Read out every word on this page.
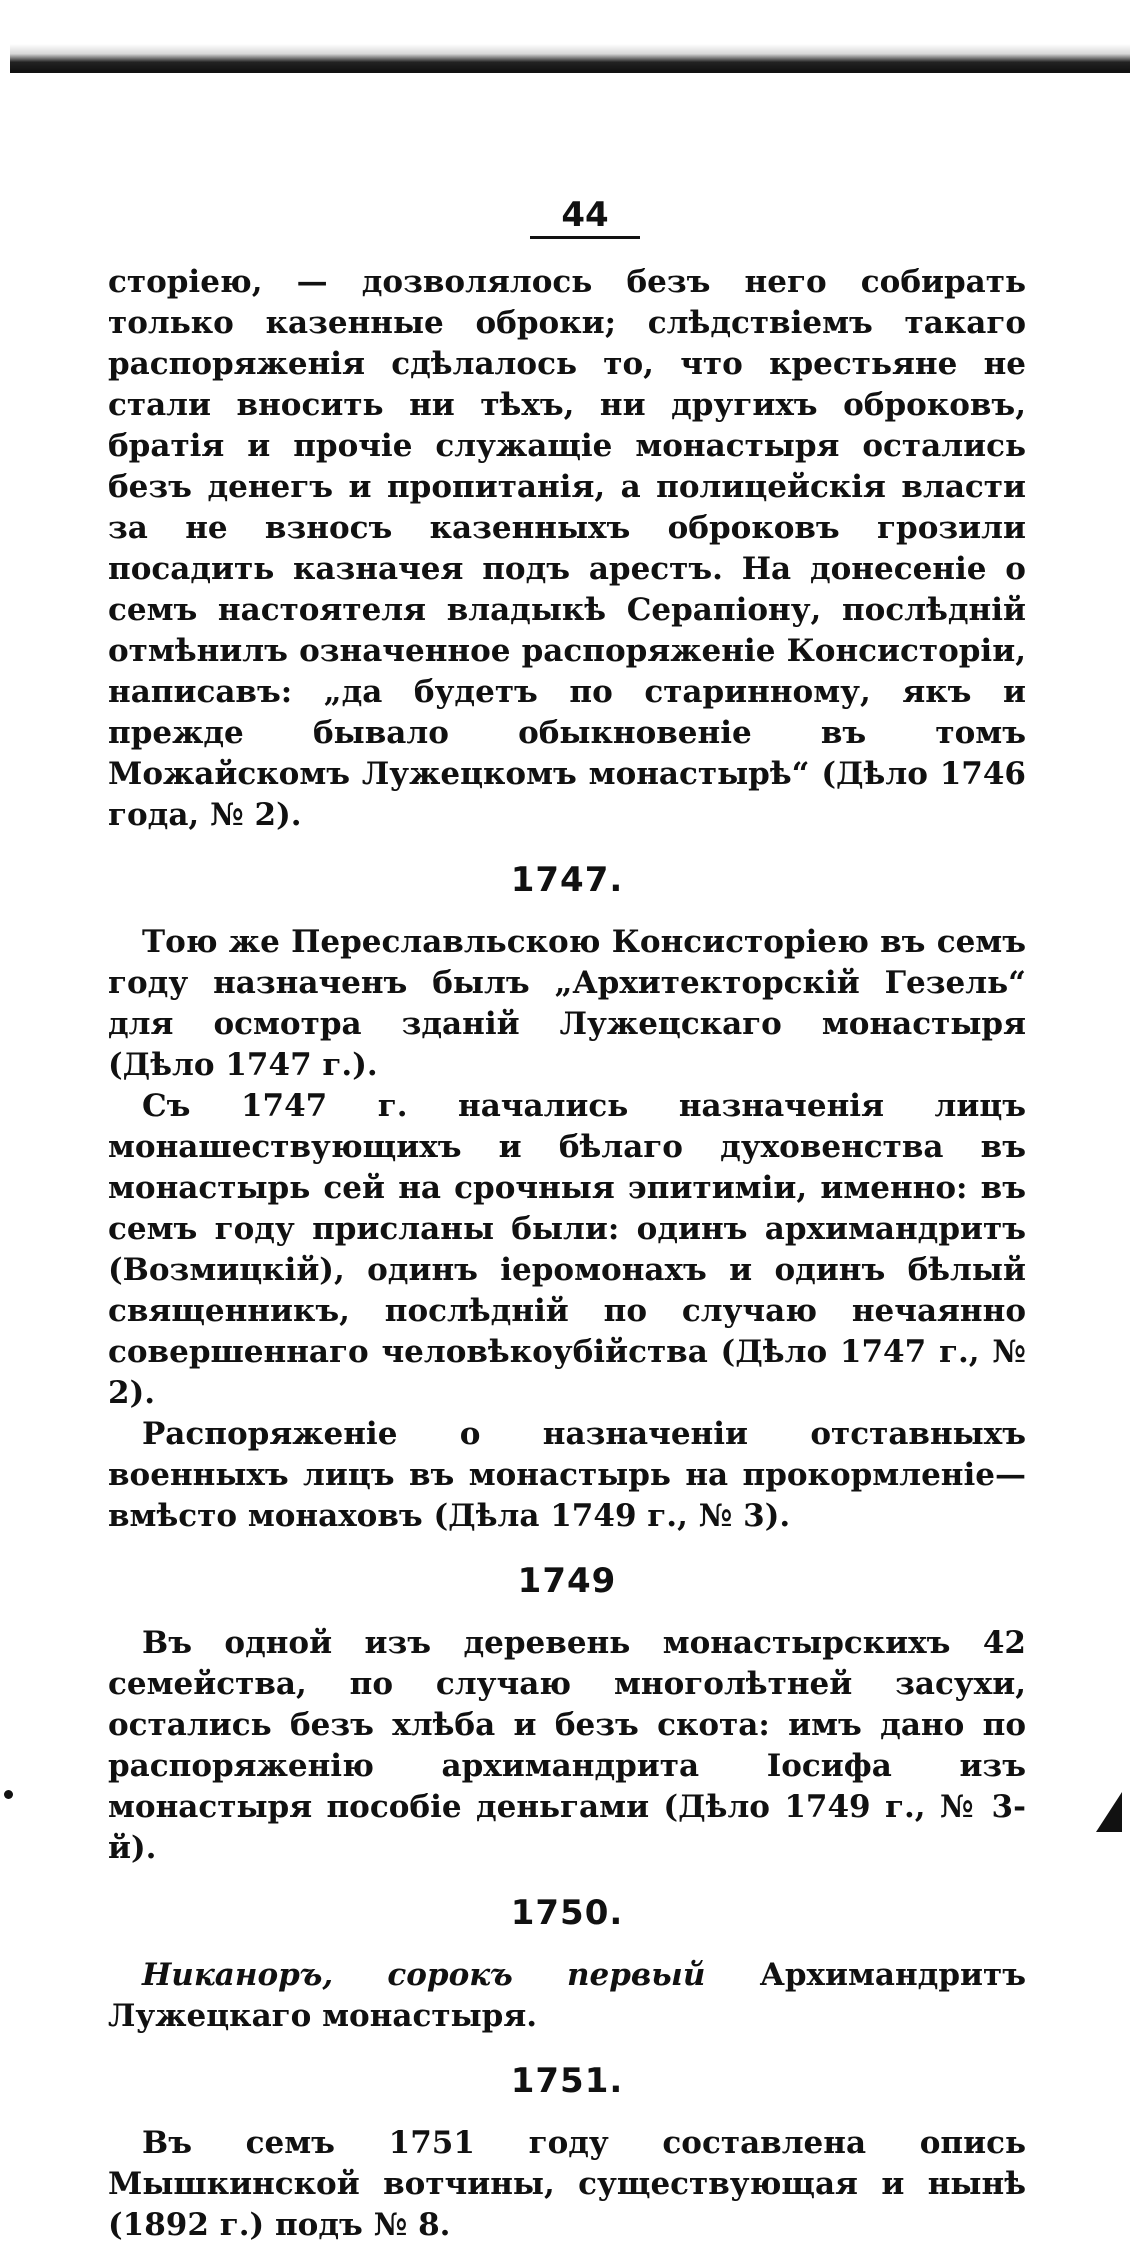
44

сторіею, — дозволялось безъ него собирать только казенные оброки; слѣдствіемъ такаго распоряженія сдѣлалось то, что крестьяне не стали вносить ни тѣхъ, ни другихъ оброковъ, братія и прочіе служащіе монастыря остались безъ денегъ и пропитанія, а полицейскія власти за не взносъ казенныхъ оброковъ грозили посадить казначея подъ арестъ. На донесеніе о семъ настоятеля владыкѣ Серапіону, послѣдній отмѣнилъ означенное распоряженіе Консисторіи, написавъ: „да будетъ по старинному, якъ и прежде бывало обыкновеніе въ томъ Можайскомъ Лужецкомъ монастырѣ“ (Дѣло 1746 года, № 2).

1747.

Тою же Переславльскою Консисторіею въ семъ году назначенъ былъ „Архитекторскій Гезель“ для осмотра зданій Лужецскаго монастыря (Дѣло 1747 г.).

Съ 1747 г. начались назначенія лицъ монашествующихъ и бѣлаго духовенства въ монастырь сей на срочныя эпитиміи, именно: въ семъ году присланы были: одинъ архимандритъ (Возмицкій), одинъ іеромонахъ и одинъ бѣлый священникъ, послѣдній по случаю нечаянно совершеннаго человѣкоубійства (Дѣло 1747 г., № 2).

Распоряженіе о назначеніи отставныхъ военныхъ лицъ въ монастырь на прокормленіе—вмѣсто монаховъ (Дѣла 1749 г., № 3).

1749

Въ одной изъ деревень монастырскихъ 42 семейства, по случаю многолѣтней засухи, остались безъ хлѣба и безъ скота: имъ дано по распоряженію архимандрита Іосифа изъ монастыря пособіе деньгами (Дѣло 1749 г., № 3-й).

1750.

Никаноръ, сорокъ первый Архимандритъ Лужецкаго монастыря.

1751.

Въ семъ 1751 году составлена опись Мышкинской вотчины, существующая и нынѣ (1892 г.) подъ № 8.
